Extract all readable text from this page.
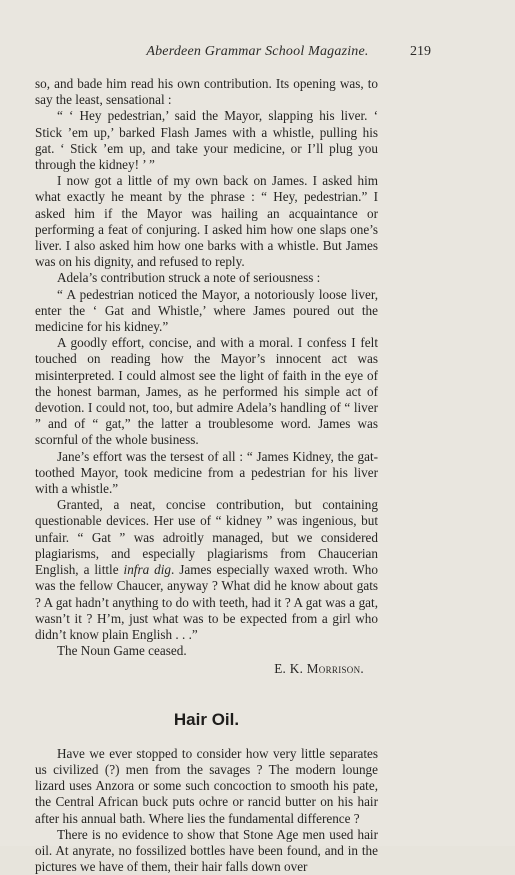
Aberdeen Grammar School Magazine.	219

so, and bade him read his own contribution. Its opening was, to say the least, sensational :

“ ‘ Hey pedestrian,’ said the Mayor, slapping his liver. ‘ Stick ’em up,’ barked Flash James with a whistle, pulling his gat. ‘ Stick ’em up, and take your medicine, or I’ll plug you through the kidney! ’ ”

I now got a little of my own back on James. I asked him what exactly he meant by the phrase : “ Hey, pedestrian.” I asked him if the Mayor was hailing an acquaintance or performing a feat of conjuring. I asked him how one slaps one’s liver. I also asked him how one barks with a whistle. But James was on his dignity, and refused to reply.

Adela’s contribution struck a note of seriousness :

“ A pedestrian noticed the Mayor, a notoriously loose liver, enter the ‘ Gat and Whistle,’ where James poured out the medicine for his kidney.”

A goodly effort, concise, and with a moral. I confess I felt touched on reading how the Mayor’s innocent act was misinterpreted. I could almost see the light of faith in the eye of the honest barman, James, as he performed his simple act of devotion. I could not, too, but admire Adela’s handling of “ liver ” and of “ gat,” the latter a troublesome word. James was scornful of the whole business.

Jane’s effort was the tersest of all : “ James Kidney, the gat-toothed Mayor, took medicine from a pedestrian for his liver with a whistle.”

Granted, a neat, concise contribution, but containing questionable devices. Her use of “ kidney ” was ingenious, but unfair. “ Gat ” was adroitly managed, but we considered plagiarisms, and especially plagiarisms from Chaucerian English, a little infra dig. James especially waxed wroth. Who was the fellow Chaucer, anyway ? What did he know about gats ? A gat hadn’t anything to do with teeth, had it ? A gat was a gat, wasn’t it ? H’m, just what was to be expected from a girl who didn’t know plain English . . .”

The Noun Game ceased.

E. K. Morrison.
Hair Oil.

Have we ever stopped to consider how very little separates us civilized (?) men from the savages ? The modern lounge lizard uses Anzora or some such concoction to smooth his pate, the Central African buck puts ochre or rancid butter on his hair after his annual bath. Where lies the fundamental difference ?

There is no evidence to show that Stone Age men used hair oil. At anyrate, no fossilized bottles have been found, and in the pictures we have of them, their hair falls down over
